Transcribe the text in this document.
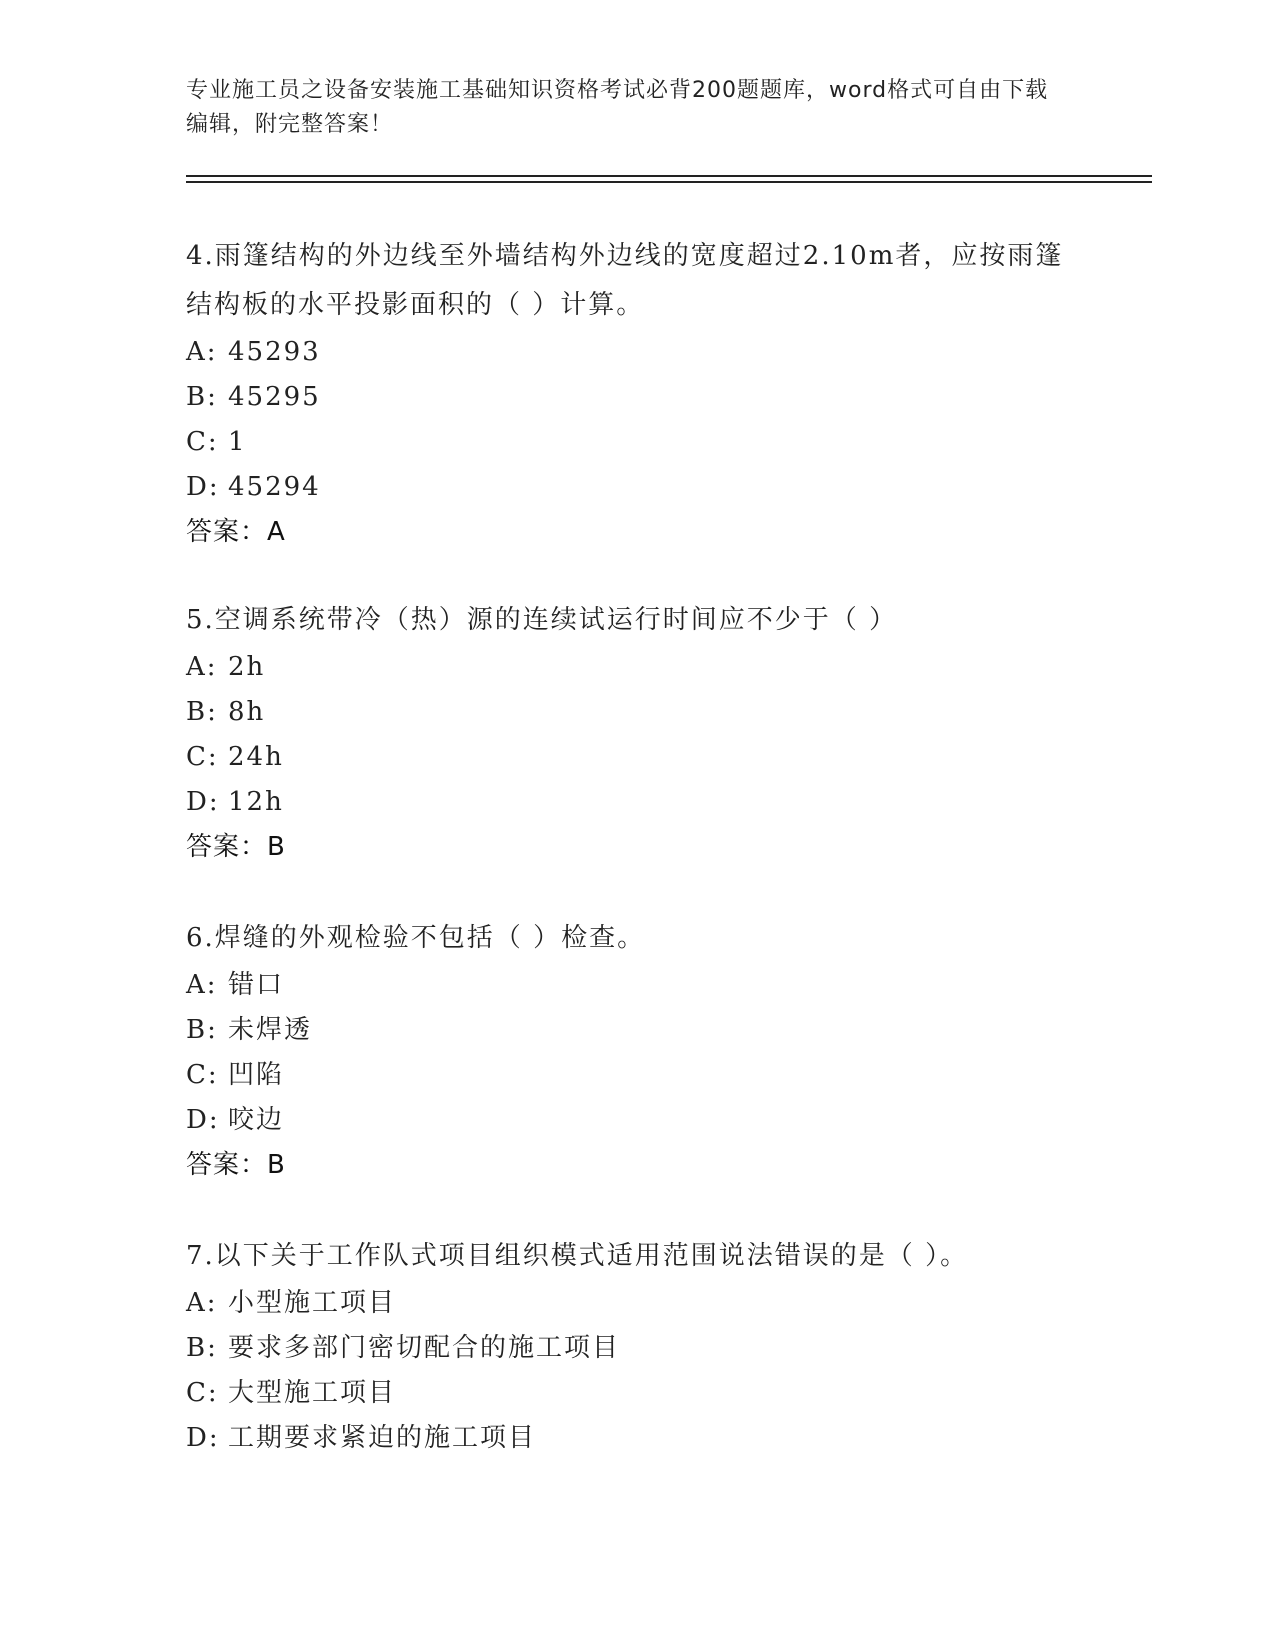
专业施工员之设备安装施工基础知识资格考试必背200题题库，word格式可自由下载编辑，附完整答案！

4.雨篷结构的外边线至外墙结构外边线的宽度超过2.10m者，应按雨篷结构板的水平投影面积的（ ）计算。

A: 45293
B: 45295
C: 1
D: 45294
答案：A

5.空调系统带冷（热）源的连续试运行时间应不少于（ ）

A: 2h
B: 8h
C: 24h
D: 12h
答案：B

6.焊缝的外观检验不包括（ ）检查。

A: 错口
B: 未焊透
C: 凹陷
D: 咬边
答案：B

7.以下关于工作队式项目组织模式适用范围说法错误的是（ ）。

A: 小型施工项目
B: 要求多部门密切配合的施工项目
C: 大型施工项目
D: 工期要求紧迫的施工项目
